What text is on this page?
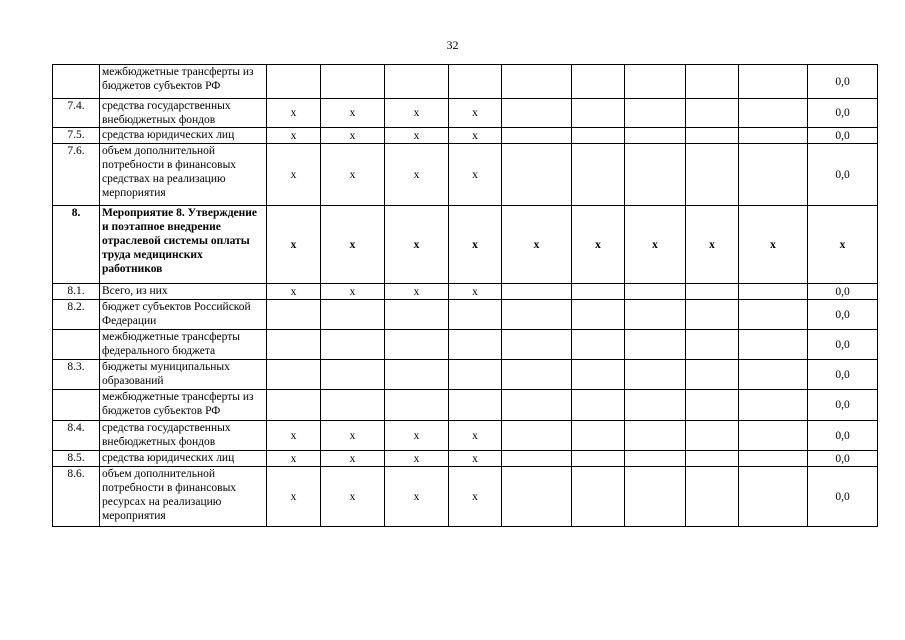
32
	межбюджетные трансферты из бюджетов субъектов РФ										0,0
7.4.	средства государственных внебюджетных фондов	x	x	x	x						0,0
7.5.	средства юридических лиц	x	x	x	x						0,0
7.6.	объем дополнительной потребности в финансовых средствах на реализацию мерпориятия	x	x	x	x						0,0
8.	Мероприятие 8. Утверждение и поэтапное внедрение отраслевой системы оплаты труда медицинских работников	x	x	x	x	x	x	x	x	x	x
8.1.	Всего, из них	x	x	x	x						0,0
8.2.	бюджет субъектов Российской Федерации										0,0
	межбюджетные трансферты федерального бюджета										0,0
8.3.	бюджеты муниципальных образований										0,0
	межбюджетные трансферты из бюджетов субъектов РФ										0,0
8.4.	средства государственных внебюджетных фондов	x	x	x	x						0,0
8.5.	средства юридических лиц	x	x	x	x						0,0
8.6.	объем дополнительной потребности в финансовых ресурсах на реализацию мероприятия	x	x	x	x						0,0
